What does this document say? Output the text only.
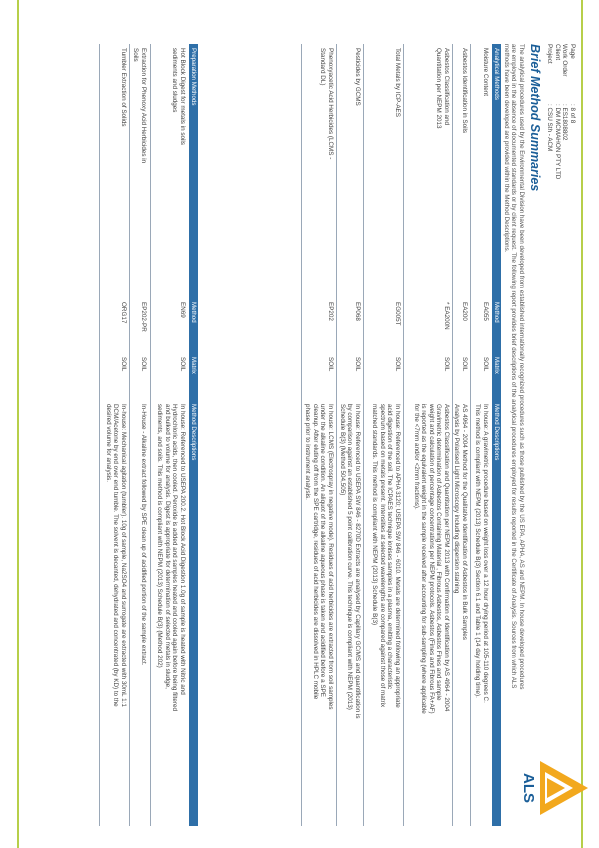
Page
: 8 of 8
Work Order
: ES1808802
Client
: DM MCMAHON PTY LTD
Project
: CSU Sth - ACM
ALS
Brief Method Summaries
The analytical procedures used by the Environmental Division have been developed from established internationally recognized procedures such as those published by the US EPA, APHA, AS and NEPM. In house developed procedures are employed in the absence of documented standards or by client request. The following report provides brief descriptions of the analytical procedures employed for results reported in the Certificate of Analysis. Sources from which ALS methods have been developed are provided within the Method Descriptions.
Analytical Methods
Method
Matrix
Method Descriptions
Moisture Content
EA055
SOIL
In house: A gravimetric procedure based on weight loss over a 12 hour drying period at 105-110 degrees C.
This method is compliant with NEPM (2013) Schedule B(3) Section 6.1 and Table 1 (14 day holding time).
Asbestos Identification in Soils
EA200
SOIL
AS 4964 - 2004 Method for the Qualitative Identification of Asbestos in Bulk Samples
Analysis by Polarised Light Microscopy including dispersion staining
Asbestos Classification and
Quantitation per NEPM 2013
* EA200N
SOIL
Asbestos Classification and Quantitation per NEPM 2013 with Confirmation of Identification by AS 4964 - 2004
Gravimetric determination of Asbestos Containing Material , Fibrous Asbestos, Asbestos Fines and sample
weight and calculation of percentage concentrations per NEPM protocols. Asbestos (Fines and Fibrous FA+AF)
is reported as the equivalent weight in the sample received after accounting for sub-sampling (where applicable
for the <7mm and/or <2mm fractions).
Total Metals by ICP-AES
EG005T
SOIL
In house: Referenced to APHA 3120; USEPA SW 846 - 6010. Metals are determined following an appropriate
acid digestion of the soil. The ICPAES technique ionises samples in a plasma, emitting a characteristic
spectrum based on metals present. Intensities at selected wavelengths are compared against those of matrix
matched standards. This method is compliant with NEPM (2013) Schedule B(3)
Pesticides by GCMS
EP068
SOIL
In house: Referenced to USEPA SW 846 - 8270D Extracts are analysed by Capillary GC/MS and quantification is
by comparison against an established 5 point calibration curve. This technique is compliant with NEPM (2013)
Schedule B(3) (Method 504,505)
Phenoxyacetic Acid Herbicides (LCMS -
Standard DL)
EP202
SOIL
In house: LCMS (Electrospray in negative mode). Residues of acid herbicides are extracted from soil samples
under the alkaline condition. An aliquot of the alkaline aqueous phase is taken and acidified before a SPE
cleanup. After eluting off from the SPE cartridge, residues of acid herbicides are dissolved in HPLC mobile
phase prior to instrument analysis.
Preparation Methods
Method
Matrix
Method Descriptions
Hot Block Digest for metals in soils
sediments and sludges
EN69
SOIL
In house: Referenced to USEPA 200.2. Hot Block Acid Digestion 1.0g of sample is heated with Nitric and
Hydrochloric acids, then cooled. Peroxide is added and samples heated and cooled again before being filtered
and bulked to volume for analysis. Digest is appropriate for determination of selected metals in sludge,
sediments, and soils. This method is compliant with NEPM (2013) Schedule B(3) (Method 202)
Extraction for Phenoxy Acid Herbicides in
Soils
EP202-PR
SOIL
In-House - Alkaline extract followed by SPE clean up of acidified portion of the sample extract.
Tumbler Extraction of Solids
ORG17
SOIL
In-house: Mechanical agitation (tumbler). 10g of sample, Na2SO4 and surrogate are extracted with 30mL 1:1
DCM/Acetone by end over end tumble. The solvent is decanted, dehydrated and concentrated (by KD) to the
desired volume for analysis.
